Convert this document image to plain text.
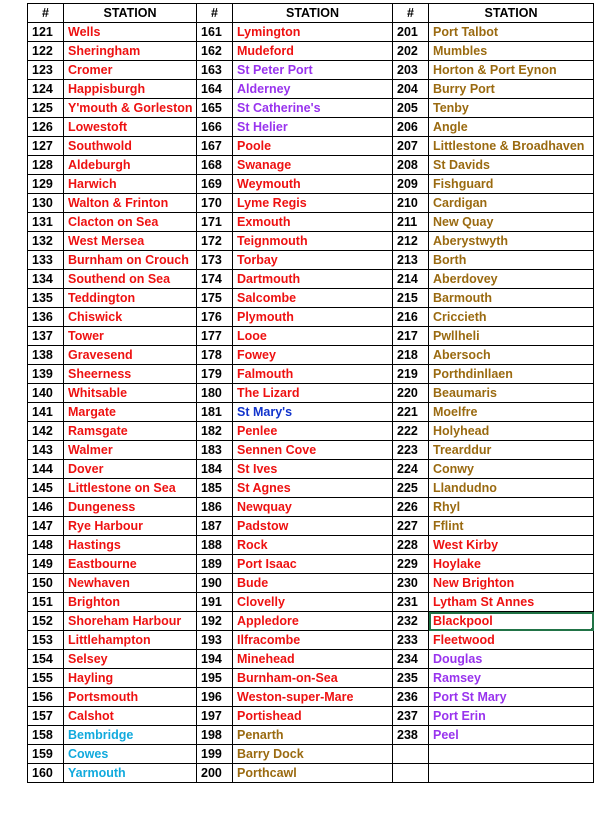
#	STATION	#	STATION	#	STATION
121	Wells	161	Lymington	201	Port Talbot
122	Sheringham	162	Mudeford	202	Mumbles
123	Cromer	163	St Peter Port	203	Horton & Port Eynon
124	Happisburgh	164	Alderney	204	Burry Port
125	Y'mouth & Gorleston	165	St Catherine's	205	Tenby
126	Lowestoft	166	St Helier	206	Angle
127	Southwold	167	Poole	207	Littlestone & Broadhaven
128	Aldeburgh	168	Swanage	208	St Davids
129	Harwich	169	Weymouth	209	Fishguard
130	Walton & Frinton	170	Lyme Regis	210	Cardigan
131	Clacton on Sea	171	Exmouth	211	New Quay
132	West Mersea	172	Teignmouth	212	Aberystwyth
133	Burnham on Crouch	173	Torbay	213	Borth
134	Southend on Sea	174	Dartmouth	214	Aberdovey
135	Teddington	175	Salcombe	215	Barmouth
136	Chiswick	176	Plymouth	216	Criccieth
137	Tower	177	Looe	217	Pwllheli
138	Gravesend	178	Fowey	218	Abersoch
139	Sheerness	179	Falmouth	219	Porthdinllaen
140	Whitsable	180	The Lizard	220	Beaumaris
141	Margate	181	St Mary's	221	Moelfre
142	Ramsgate	182	Penlee	222	Holyhead
143	Walmer	183	Sennen Cove	223	Trearddur
144	Dover	184	St Ives	224	Conwy
145	Littlestone on Sea	185	St Agnes	225	Llandudno
146	Dungeness	186	Newquay	226	Rhyl
147	Rye Harbour	187	Padstow	227	Fflint
148	Hastings	188	Rock	228	West Kirby
149	Eastbourne	189	Port Isaac	229	Hoylake
150	Newhaven	190	Bude	230	New Brighton
151	Brighton	191	Clovelly	231	Lytham St Annes
152	Shoreham Harbour	192	Appledore	232	Blackpool
153	Littlehampton	193	Ilfracombe	233	Fleetwood
154	Selsey	194	Minehead	234	Douglas
155	Hayling	195	Burnham-on-Sea	235	Ramsey
156	Portsmouth	196	Weston-super-Mare	236	Port St Mary
157	Calshot	197	Portishead	237	Port Erin
158	Bembridge	198	Penarth	238	Peel
159	Cowes	199	Barry Dock		
160	Yarmouth	200	Porthcawl		
